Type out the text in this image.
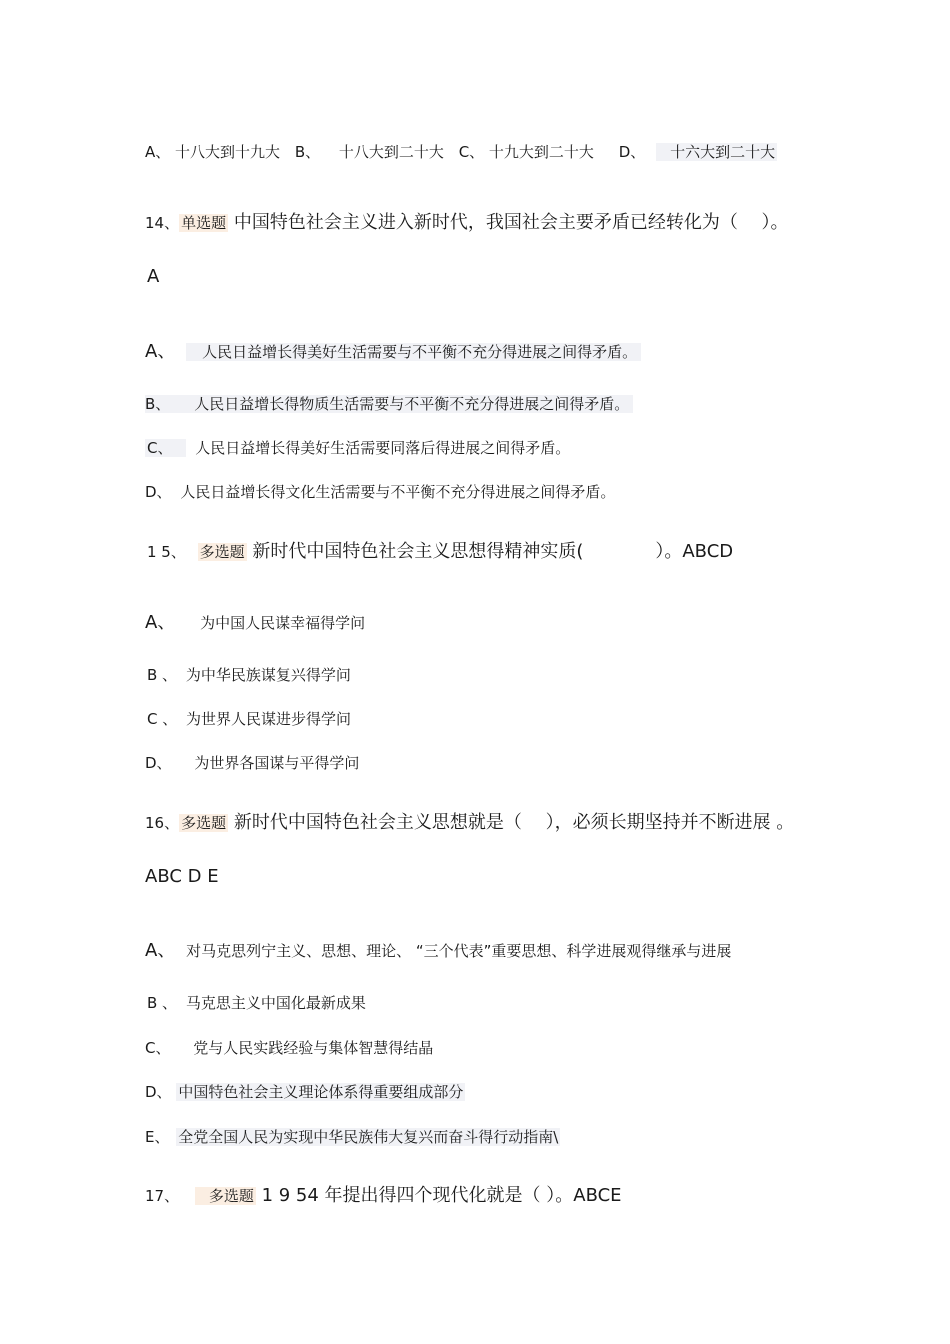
A、 十八大到十九大 B、 十八大到二十大 C、 十九大到二十大 D、 十六大到二十大
14、 单选题 中国特色社会主义进入新时代，我国社会主要矛盾已经转化为（　 ）。
A
A、 人民日益增长得美好生活需要与不平衡不充分得进展之间得矛盾。
B、 人民日益增长得物质生活需要与不平衡不充分得进展之间得矛盾。
C、 人民日益增长得美好生活需要同落后得进展之间得矛盾。
D、 人民日益增长得文化生活需要与不平衡不充分得进展之间得矛盾。
1 5、 多选题 新时代中国特色社会主义思想得精神实质(　　　　）。ABCD
A、 为中国人民谋幸福得学问
B 、 为中华民族谋复兴得学问
C 、 为世界人民谋进步得学问
D、 为世界各国谋与平得学问
16、 多选题 新时代中国特色社会主义思想就是（　 ），必须长期坚持并不断进展 。
ABC D E
A、 对马克思列宁主义、思想、理论、 “三个代表”重要思想、科学进展观得继承与进展
B 、 马克思主义中国化最新成果
C、 党与人民实践经验与集体智慧得结晶
D、 中国特色社会主义理论体系得重要组成部分
E、 全党全国人民为实现中华民族伟大复兴而奋斗得行动指南\
17、 多选题 1 9 54 年提出得四个现代化就是（ ）。ABCE
